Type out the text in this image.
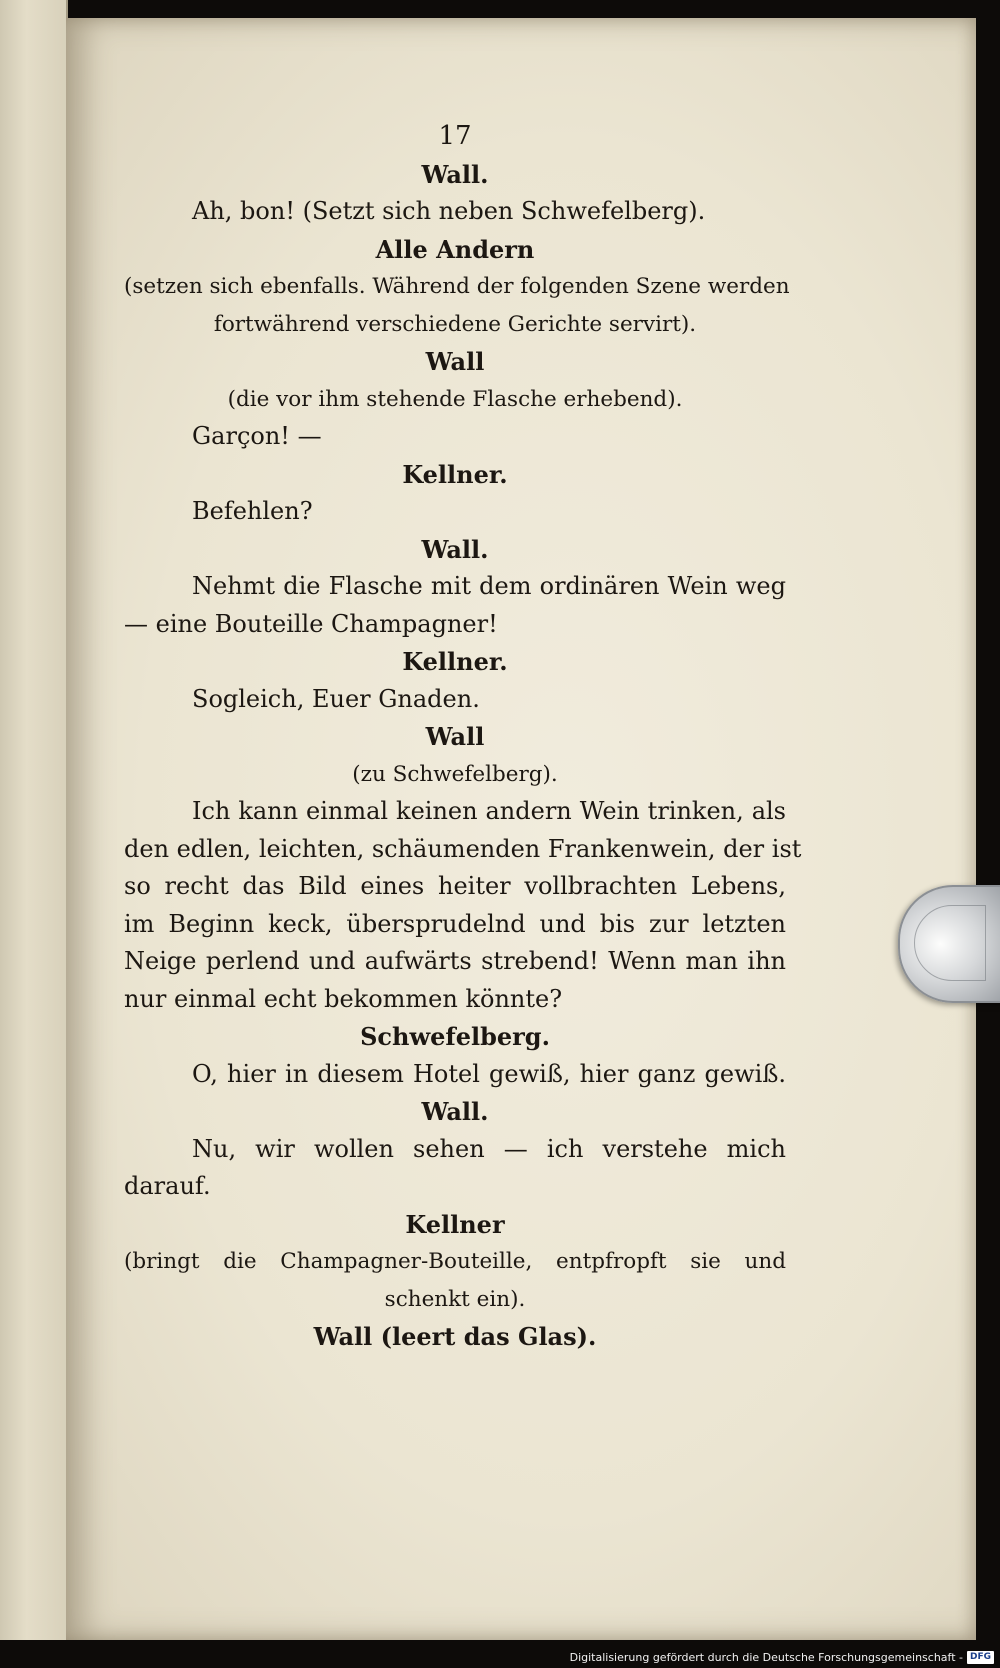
17
Wall.
Ah, bon! (Setzt sich neben Schwefelberg).
Alle Andern
(setzen sich ebenfalls. Während der folgenden Szene werden
fortwährend verschiedene Gerichte servirt).
Wall
(die vor ihm stehende Flasche erhebend).
Garçon! —
Kellner.
Befehlen?
Wall.
Nehmt die Flasche mit dem ordinären Wein weg
— eine Bouteille Champagner!
Kellner.
Sogleich, Euer Gnaden.
Wall
(zu Schwefelberg).
Ich kann einmal keinen andern Wein trinken, als
den edlen, leichten, schäumenden Frankenwein, der ist
so recht das Bild eines heiter vollbrachten Lebens,
im Beginn keck, übersprudelnd und bis zur letzten
Neige perlend und aufwärts strebend! Wenn man ihn
nur einmal echt bekommen könnte?
Schwefelberg.
O, hier in diesem Hotel gewiß, hier ganz gewiß.
Wall.
Nu, wir wollen sehen — ich verstehe mich
darauf.
Kellner
(bringt die Champagner-Bouteille, entpfropft sie und
schenkt ein).
Wall (leert das Glas).
Digitalisierung gefördert durch die Deutsche Forschungsgemeinschaft - DFG
